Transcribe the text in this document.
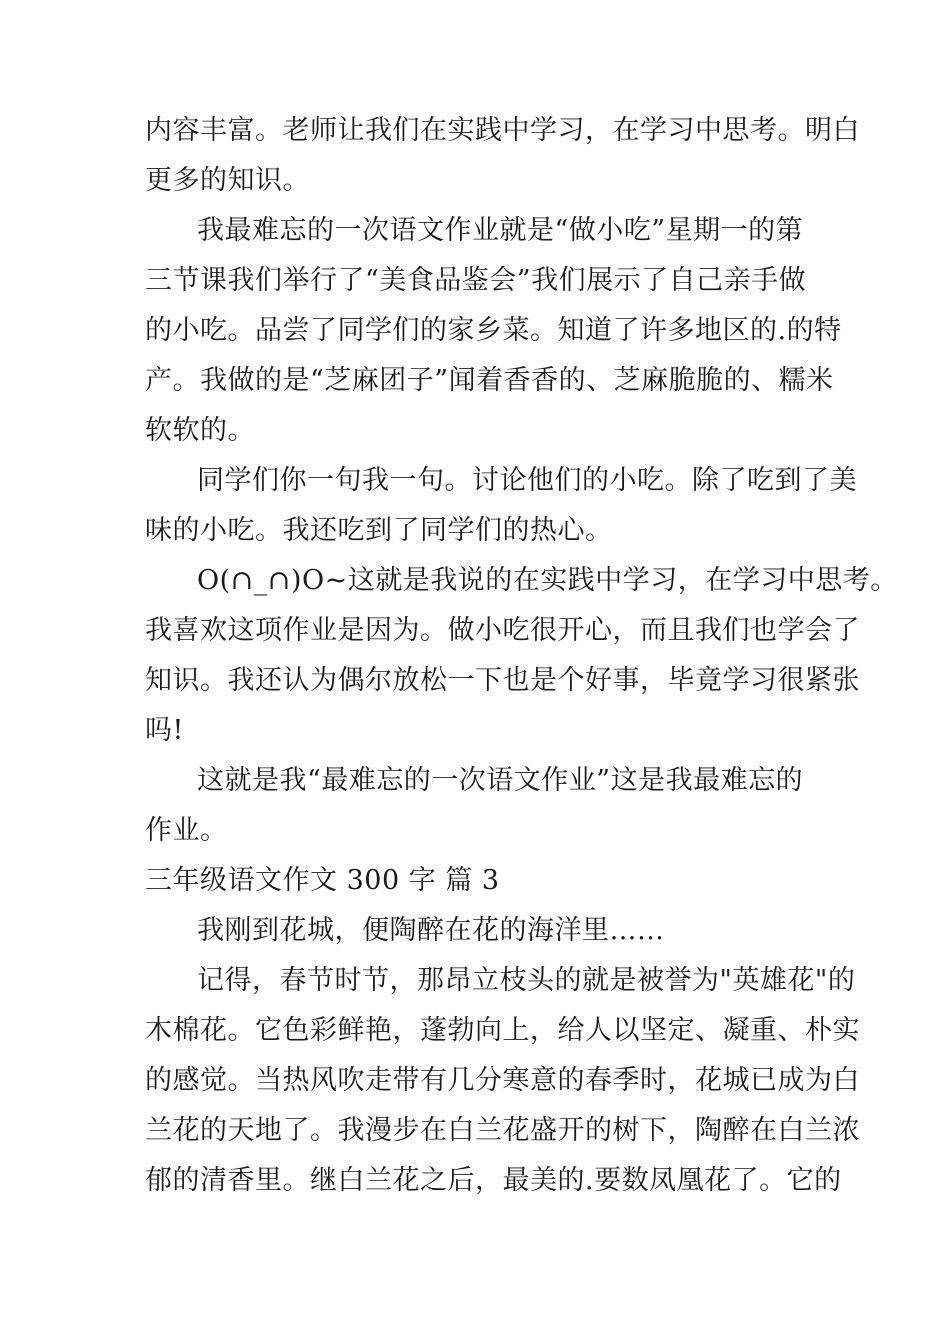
内容丰富。老师让我们在实践中学习，在学习中思考。明白
更多的知识。
我最难忘的一次语文作业就是“做小吃”星期一的第
三节课我们举行了“美食品鉴会”我们展示了自己亲手做
的小吃。品尝了同学们的家乡菜。知道了许多地区的.的特
产。我做的是“芝麻团子”闻着香香的、芝麻脆脆的、糯米
软软的。
同学们你一句我一句。讨论他们的小吃。除了吃到了美
味的小吃。我还吃到了同学们的热心。
O(∩_∩)O~这就是我说的在实践中学习，在学习中思考。
我喜欢这项作业是因为。做小吃很开心，而且我们也学会了
知识。我还认为偶尔放松一下也是个好事，毕竟学习很紧张
吗!
这就是我“最难忘的一次语文作业”这是我最难忘的
作业。
三年级语文作文 300 字 篇 3
我刚到花城，便陶醉在花的海洋里……
记得，春节时节，那昂立枝头的就是被誉为"英雄花"的
木棉花。它色彩鲜艳，蓬勃向上，给人以坚定、凝重、朴实
的感觉。当热风吹走带有几分寒意的春季时，花城已成为白
兰花的天地了。我漫步在白兰花盛开的树下，陶醉在白兰浓
郁的清香里。继白兰花之后，最美的.要数凤凰花了。它的
